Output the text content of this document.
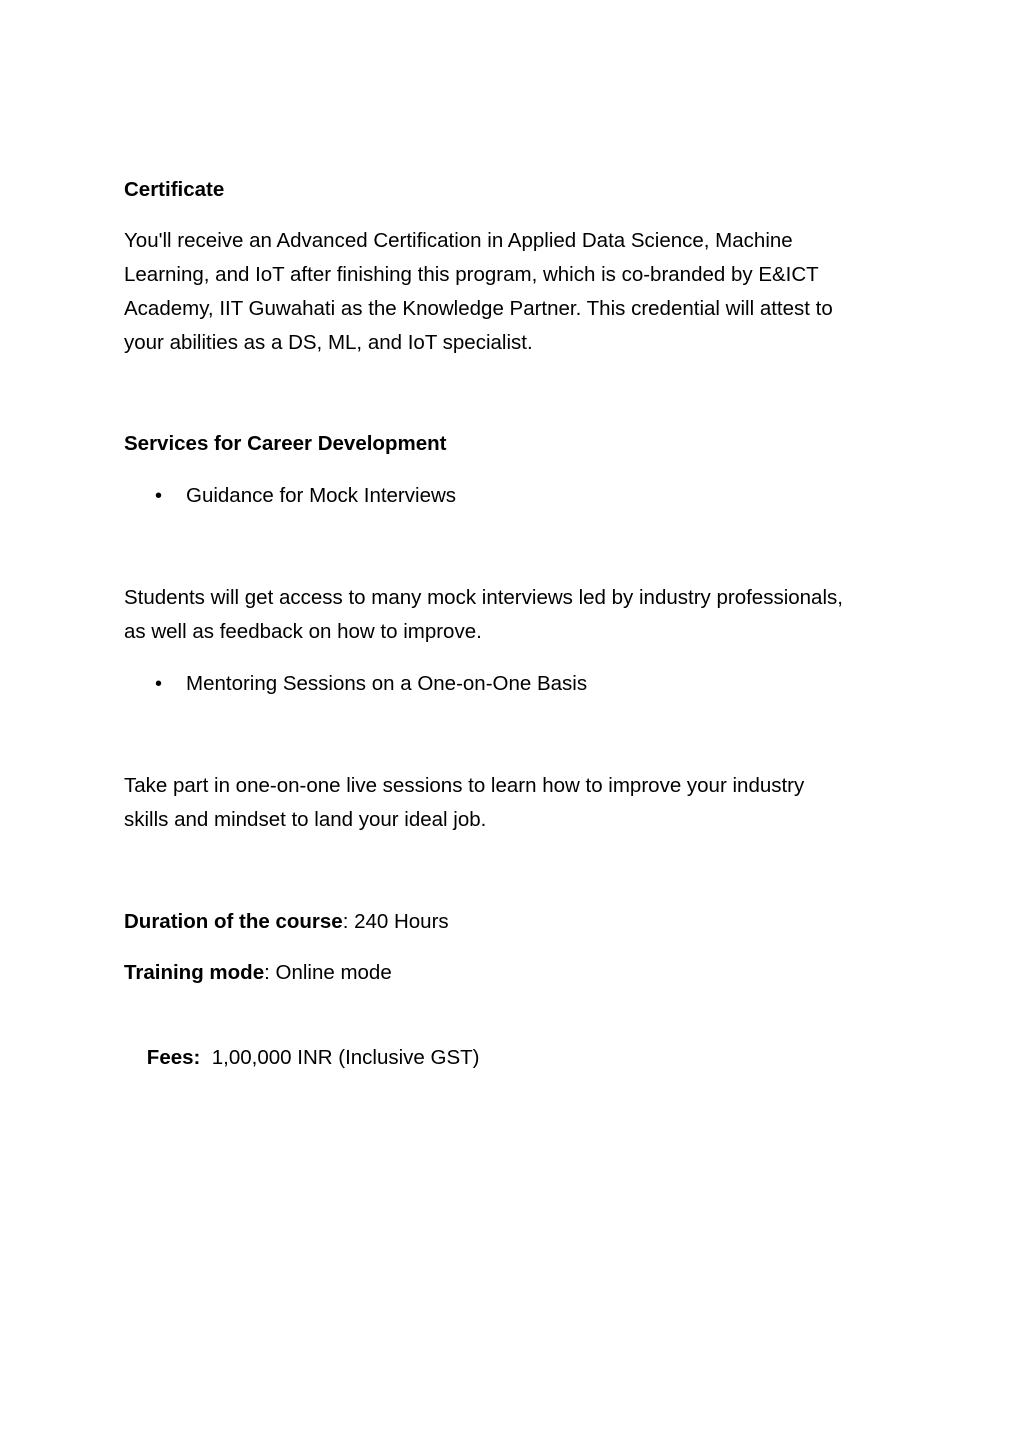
Certificate
You'll receive an Advanced Certification in Applied Data Science, Machine
Learning, and IoT after finishing this program, which is co-branded by E&ICT
Academy, IIT Guwahati as the Knowledge Partner. This credential will attest to
your abilities as a DS, ML, and IoT specialist.
Services for Career Development
• Guidance for Mock Interviews
Students will get access to many mock interviews led by industry professionals,
as well as feedback on how to improve.
• Mentoring Sessions on a One-on-One Basis
Take part in one-on-one live sessions to learn how to improve your industry
skills and mindset to land your ideal job.
Duration of the course: 240 Hours
Training mode: Online mode

Fees:  1,00,000 INR (Inclusive GST)
